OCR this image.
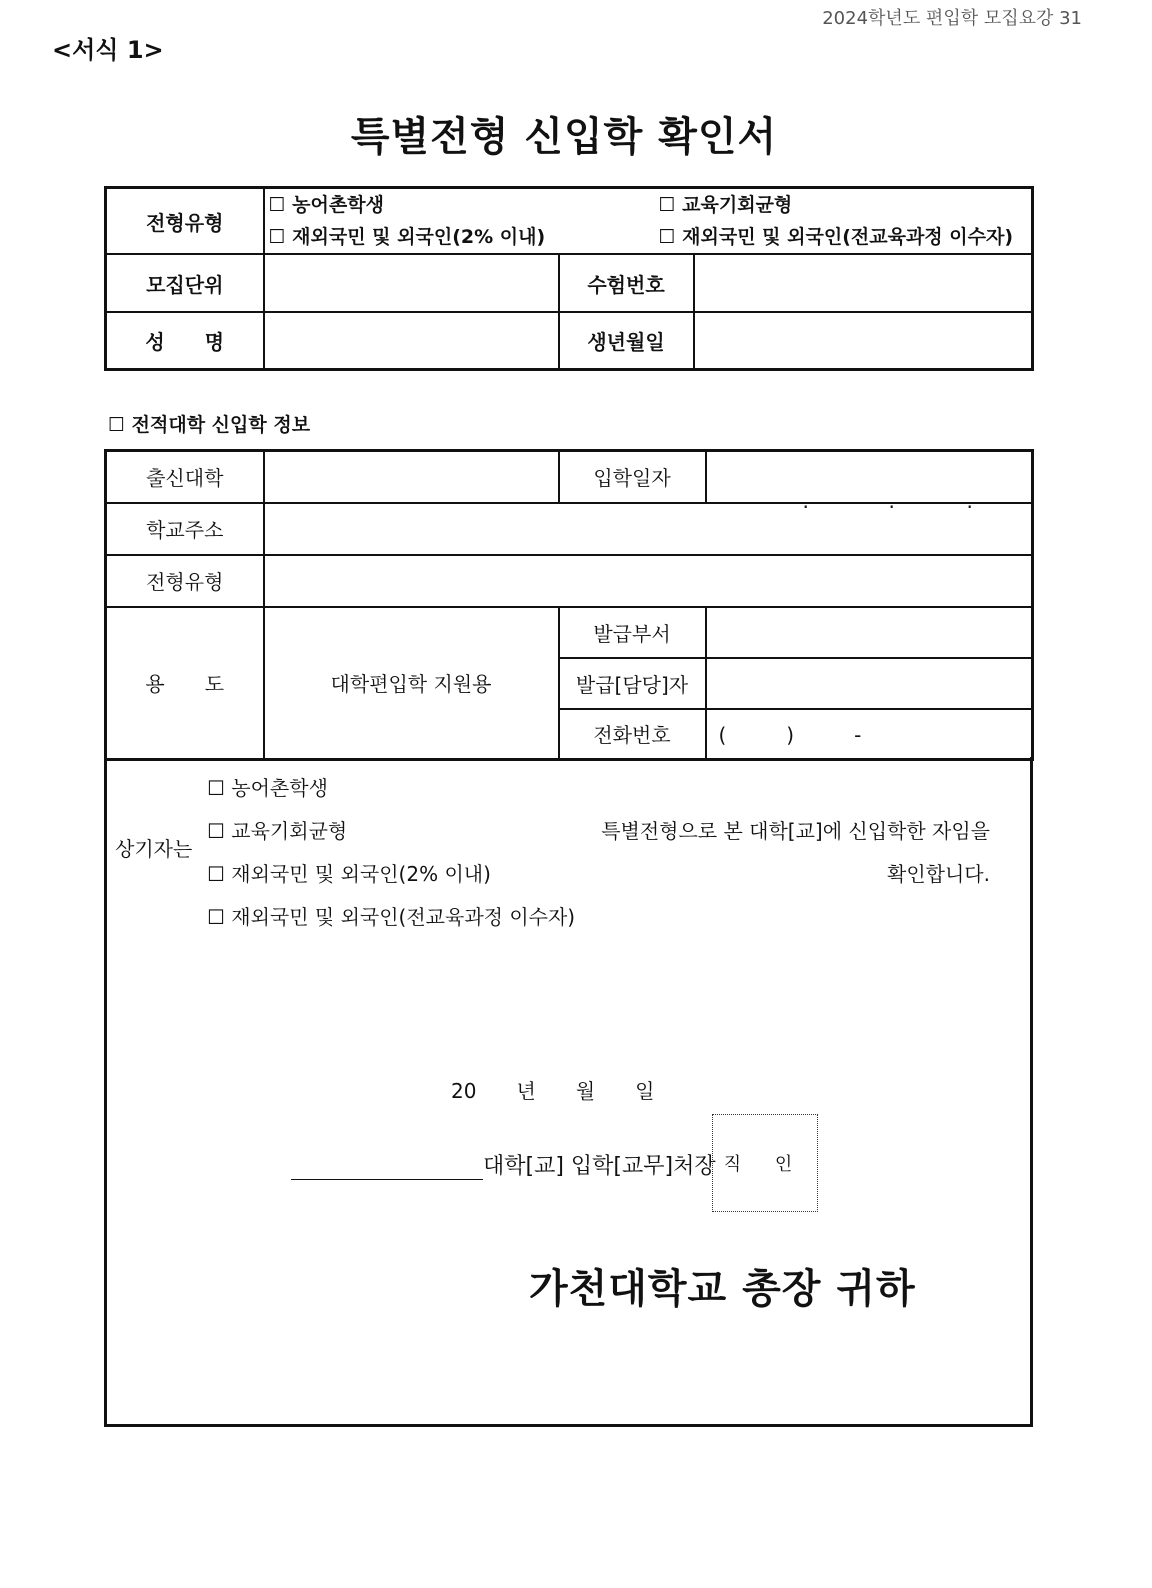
2024학년도 편입학 모집요강 31
<서식 1>
특별전형 신입학 확인서
전형유형	☐ 농어촌학생
☐ 재외국민 및 외국인(2% 이내)
☐ 교육기회균형
☐ 재외국민 및 외국인(전교육과정 이수자)		

모집단위		수험번호	
성　　명		생년월일	
☐ 전적대학 신입학 정보
출신대학		입학일자	. . .

학교주소			
전형유형			
용　　도	대학편입학 지원용	발급부서	
		발급[담당]자	
		전화번호	(　　　)　　　-
상기자는
☐ 농어촌학생
☐ 교육기회균형
☐ 재외국민 및 외국인(2% 이내)
☐ 재외국민 및 외국인(전교육과정 이수자)
특별전형으로 본 대학[교]에 신입학한 자임을
확인합니다.
20　　년　　월　　일
대학[교] 입학[교무]처장 직 인
가천대학교 총장 귀하
